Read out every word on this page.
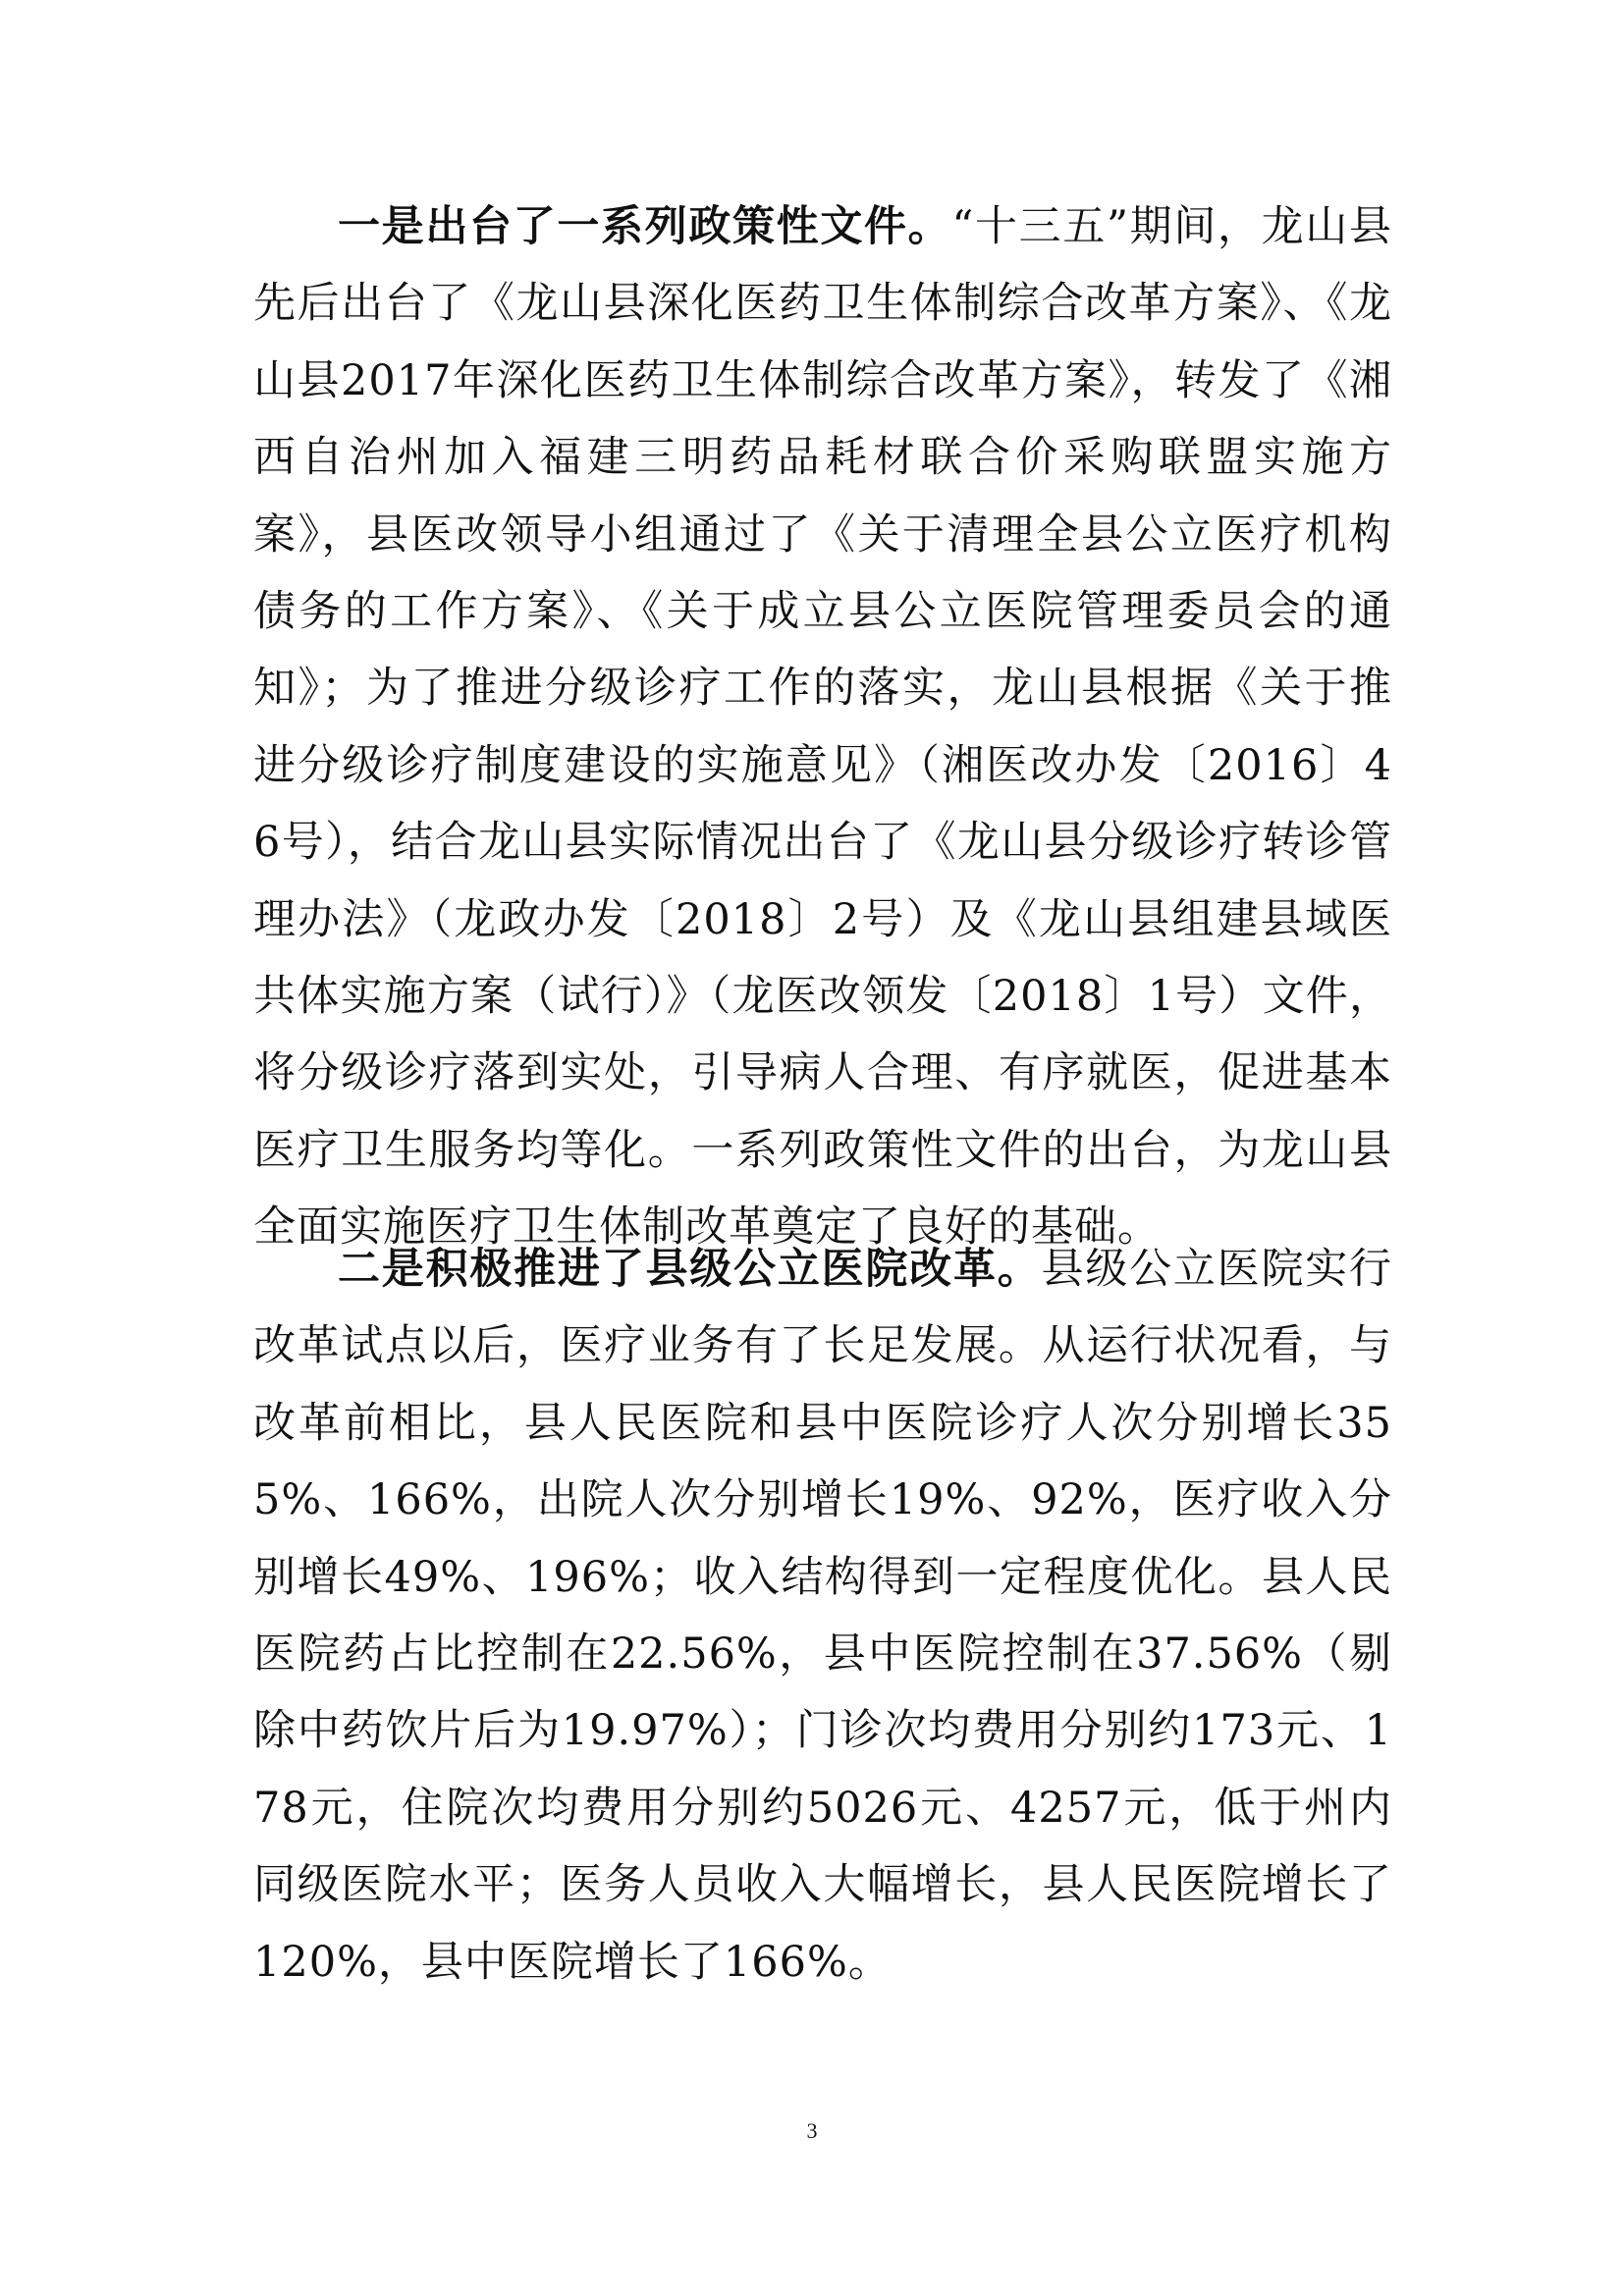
一是出台了一系列政策性文件。“十三五”期间，龙山县先后出台了《龙山县深化医药卫生体制综合改革方案》、《龙山县2017年深化医药卫生体制综合改革方案》，转发了《湘西自治州加入福建三明药品耗材联合价采购联盟实施方案》，县医改领导小组通过了《关于清理全县公立医疗机构债务的工作方案》、《关于成立县公立医院管理委员会的通知》；为了推进分级诊疗工作的落实，龙山县根据《关于推进分级诊疗制度建设的实施意见》（湘医改办发〔2016〕46号），结合龙山县实际情况出台了《龙山县分级诊疗转诊管理办法》（龙政办发〔2018〕2号）及《龙山县组建县域医共体实施方案（试行）》（龙医改领发〔2018〕1号）文件，将分级诊疗落到实处，引导病人合理、有序就医，促进基本医疗卫生服务均等化。一系列政策性文件的出台，为龙山县全面实施医疗卫生体制改革奠定了良好的基础。

二是积极推进了县级公立医院改革。县级公立医院实行改革试点以后，医疗业务有了长足发展。从运行状况看，与改革前相比，县人民医院和县中医院诊疗人次分别增长355%、166%，出院人次分别增长19%、92%，医疗收入分别增长49%、196%；收入结构得到一定程度优化。县人民医院药占比控制在22.56%，县中医院控制在37.56%（剔除中药饮片后为19.97%）；门诊次均费用分别约173元、178元，住院次均费用分别约5026元、4257元，低于州内同级医院水平；医务人员收入大幅增长，县人民医院增长了120%，县中医院增长了166%。

3
